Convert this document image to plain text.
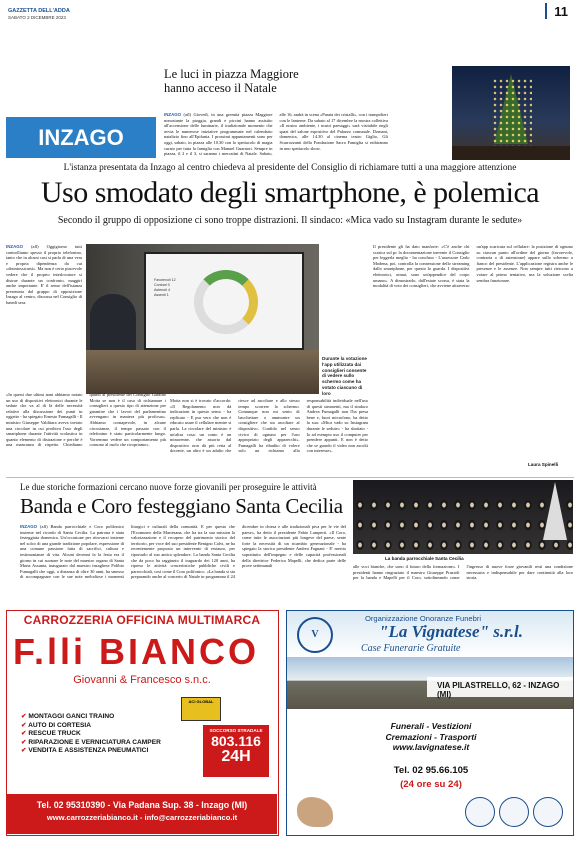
GAZZETTA DELL'ADDA
SABATO 2 DICEMBRE 2023	11
INZAGO
Le luci in piazza Maggiore hanno acceso il Natale
INZAGO (afl) Giovedì, in una gremita piazza Maggiore nonostante la pioggia, grandi e piccini hanno assistito all'accensione delle luminarie, il tradizionale momento che avvia le numerose iniziative programmate nel calendario natalizio fino all'Epifania. I prossimi appuntamenti sono per oggi, sabato, in piazza alle 10.30 con lo spettacolo di magia curato per tutta la famiglia con Manuel Guarnori. Sempre in piazza, il 2 e il 3, si saranno i mercatini di Natale. Sabato, alle 16, andrà in scena «Parata dei cristalli», con i trampolieri con le lanterne. Da sabato al 17 dicembre la mostra collettiva «Il nostro ambiente, i nostri paesaggi» sarà visitabile negli spazi del salone espositivo del Palazzo comunale. Domani, domenica, alle 14.30 al cinema teatro Giglio, Gli Scarrozzanti della Fondazione Sacra Famiglia si esibiranno in uno spettacolo show.
L'istanza presentata da Inzago al centro chiedeva al presidente del Consiglio di richiamare tutti a una maggiore attenzione
Uso smodato degli smartphone, è polemica
Secondo il gruppo di opposizione ci sono troppe distrazioni. Il sindaco: «Mica vado su Instagram durante le sedute»
INZAGO (afl) Oggigiorno tutti controlliamo spesso il proprio telefonino, tanto che in alcuni casi si parla di una vera e propria dipendenza da cui «disintossicarsi». Ma non è certo piacevole vedere che il proprio interlocutore si distrae durante un confronto, maggiri anche importante. E' il senso dell'istanza presentata dal gruppo di opposizione Inzago al centro, discussa nel Consiglio di lunedì sera.
Favorevoli 12
Contrari 0
Astenuti 4
Assenti 1
Durante la votazione l'app utilizzata dai consiglieri consente di vedere sullo schermo come ha votato ciascuno di loro
«In questi due ultimi anni abbiamo notato un uso di dispositivi elettronici durante le sedute che va al di là delle necessità relative alla discussione dei punti in oggetto - ha spiegato Ernesto Fumagalli - Il ministro Giuseppe Valditara aveva inviato una circolare in cui proibiva l'uso degli smartphone durante l'attività scolastica in quanto elemento di distrazione e perché è una mancanza di rispetto. Chiediamo quindi al presidente del Consiglio Galdino Motta se non è il caso di richiamare i consiglieri a questo tipo di attenzione per garantire che i lavori del parlamentino avvengano in maniera più proficua». Abbiamo consapevole, in alcune circostanze, il tempo passato con il telefonino è stato particolarmente lungo. Vorremmo vedere un comportamento più consono al ruolo che ricopriamo».
Motta non si è trovato d'accordo: «Il Regolamento non dà indicazioni in questo senso - ha replicato - E pur vero che non è educato usare il cellulare mentre si parla. La circolare del ministro è un'altra cosa: un conto è un minorenne, che assorto dal dispositivo non dà più retta al docente, un altro è un adulto che riesce ad ascoltare e allo stesso tempo scorrere lo schermo. Comunque non mi sento di bacchettare o ammonire un consigliere che sta ascoltare al dispositivo. Confido nel senso civico di ognuno per l'uso appropriato degli apparecchi». Fumagalli ha ribadito di volere solo un richiamo alla responsabilità individuale nell'uso di questi strumenti, ma il sindaco Andrea Fumagalli non l'ha presa bene e, fuori microfono, ha detto la sua: «Mica vado su Instagram durante le sedute» - ha sbottato - Io ad esempio uso il computer per prendere appunti. E non è detto che se guardo il video non ascolti con interesse».
Il presidente gli ha dato manforte: «C'è anche chi scarica sul pc la documentazione inerente il Consiglio per leggerla meglio - ha concluso - L'assessore Carlo Modena, poi, controlla la connessione dello streaming dallo smartphone, per questo lo guarda. I dispositivi elettronici, ormai, sono un'appendice del corpo umano». A dimostrarlo, dall'estate scorsa, è stata la modalità di voto dei consiglieri, che avviene attraverso un'app scaricata sul cellulare: la posizione di ognuno su ciascun punto all'ordine del giorno (favorevole, contraria o di astensione) appare sullo schermo a fianco del presidente. L'applicazione registra anche le presenze e le assenze. Non sempre tutti riescono a votare al primo tentativo, ma la soluzione scelta sembra funzionare.
Laura Spinelli
Le due storiche formazioni cercano nuove forze giovanili per proseguire le attività
Banda e Coro festeggiano Santa Cecilia
INZAGO (afl) Banda parrocchiale e Coro polifonico insieme nel ricordo di Santa Cecilia. La patrona è stata festeggiata domenica. Un'occasione per ritrovarsi insieme nel solco di una grande tradizione popolare, espressione di una comune passione fatta di sacrifici, cultura e testimonianze di vita. Alcuni decenni fa la festa era il giorno in cui suonare le note del maestro organo di Santa Maria Assunta, inaugurato dal maestro inzaghese Polibio Fumagalli che oggi, a distanza di oltre 30 anni, ha smesso di accompagnare con le sue note melodiose i momenti liturgici e culturali della comunità. E per questo che l'Ecomuseo della Martesana, che ha tra la sua mission la valorizzazione e il recupero del patrimonio storico del territorio, per voce del suo presidente Benigno Calvi, ne ha recentemente proposto un intervento di restauro, per riportarlo al suo antico splendore. La banda Santa Cecilia che da poco ha raggiunto il traguardo dei 120 anni, ha ripreso le attività concertistiche pubbliche civili e parrocchiali, così come il Coro polifonico. «La banda si sta preparando anche al concerto di Natale in programma il 24 dicembre in chiesa e alle tradizionali piva per le vie del paese», ha detto il presidente Fabio Lamperti. «Il Coro, come tutte le associazioni più longeve del paese, sente forte la necessità di un ricambio generazionale - ha spiegato la storica presidente Andrea Fagnani - E' merito soprattutto dell'impegno e delle capacità professionali della direttrice Federica Mapelli, che dedica parte delle prove settimanali
La banda parrocchiale Santa Cecilia
alle voci bianche, che sono il futuro della formazione». I presidenti hanno ringraziato il maestro Giuseppe Prazioli per la banda e Mapelli per il Coro, sottolineando come l'ingresso di nuove forze giovanili resti una condizione necessaria e indispensabile per dare continuità alla loro storia.
CARROZZERIA OFFICINA MULTIMARCA
F.lli BIANCO
Giovanni & Francesco s.n.c.
✔ MONTAGGI GANCI TRAINO
✔ AUTO DI CORTESIA
✔ RESCUE TRUCK
✔ RIPARAZIONE E VERNICIATURA CAMPER
✔ VENDITA E ASSISTENZA PNEUMATICI
ACI GLOBAL
SOCCORSO STRADALE
803.116
24H
Tel. 02 95310390 - Via Padana Sup. 38 - Inzago (MI)
www.carrozzeriabianco.it - info@carrozzeriabianco.it
V
Organizzazione Onoranze Funebri
"La Vignatese" s.r.l.
Case Funerarie Gratuite
VIA PILASTRELLO, 62 - INZAGO (MI)
Funerali - Vestizioni
Cremazioni - Trasporti
www.lavignatese.it
Tel. 02 95.66.105
(24 ore su 24)
